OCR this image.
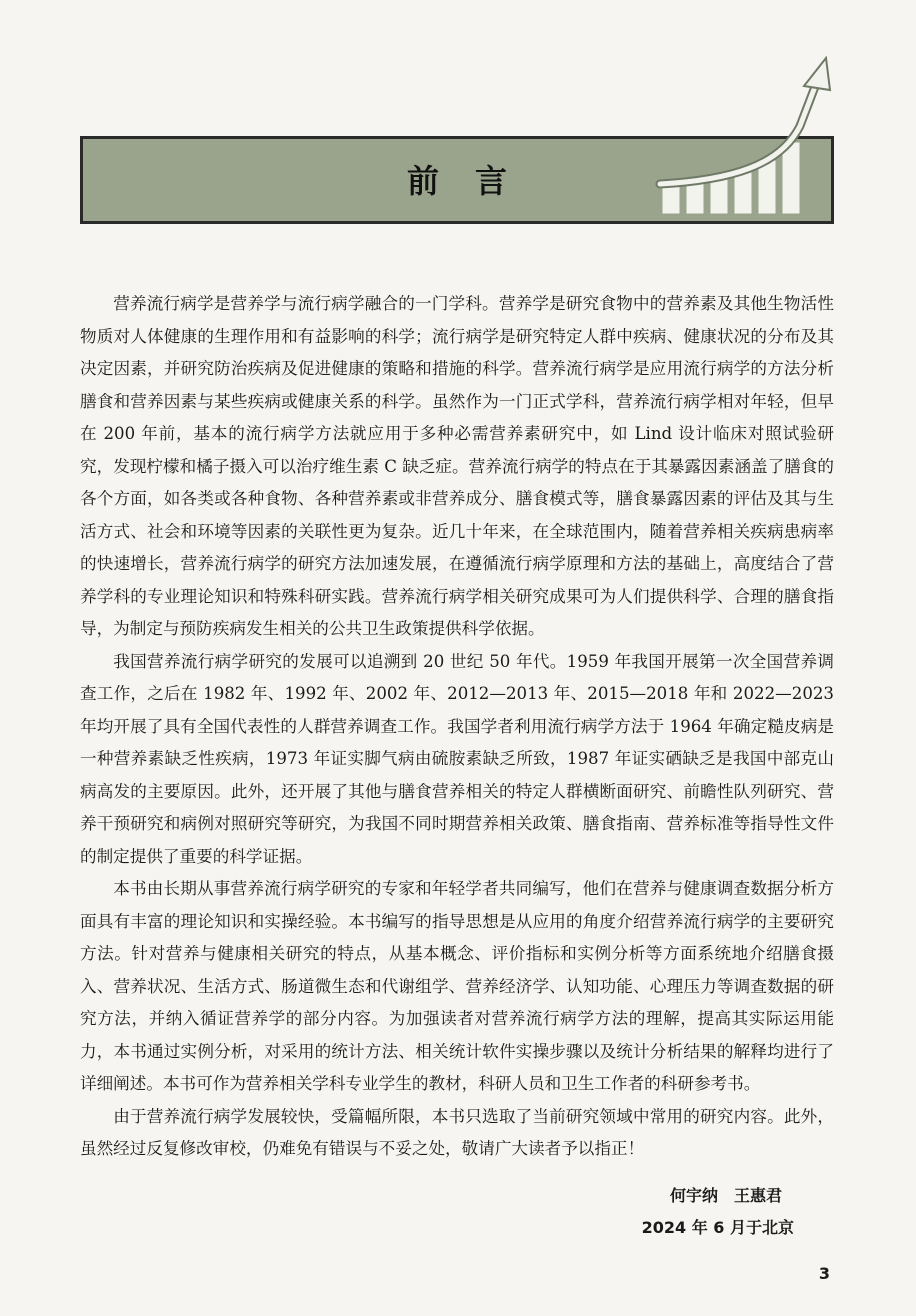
前言

营养流行病学是营养学与流行病学融合的一门学科。营养学是研究食物中的营养素及其他生物活性物质对人体健康的生理作用和有益影响的科学；流行病学是研究特定人群中疾病、健康状况的分布及其决定因素，并研究防治疾病及促进健康的策略和措施的科学。营养流行病学是应用流行病学的方法分析膳食和营养因素与某些疾病或健康关系的科学。虽然作为一门正式学科，营养流行病学相对年轻，但早在 200 年前，基本的流行病学方法就应用于多种必需营养素研究中，如 Lind 设计临床对照试验研究，发现柠檬和橘子摄入可以治疗维生素 C 缺乏症。营养流行病学的特点在于其暴露因素涵盖了膳食的各个方面，如各类或各种食物、各种营养素或非营养成分、膳食模式等，膳食暴露因素的评估及其与生活方式、社会和环境等因素的关联性更为复杂。近几十年来，在全球范围内，随着营养相关疾病患病率的快速增长，营养流行病学的研究方法加速发展，在遵循流行病学原理和方法的基础上，高度结合了营养学科的专业理论知识和特殊科研实践。营养流行病学相关研究成果可为人们提供科学、合理的膳食指导，为制定与预防疾病发生相关的公共卫生政策提供科学依据。

我国营养流行病学研究的发展可以追溯到 20 世纪 50 年代。1959 年我国开展第一次全国营养调查工作，之后在 1982 年、1992 年、2002 年、2012—2013 年、2015—2018 年和 2022—2023 年均开展了具有全国代表性的人群营养调查工作。我国学者利用流行病学方法于 1964 年确定糙皮病是一种营养素缺乏性疾病，1973 年证实脚气病由硫胺素缺乏所致，1987 年证实硒缺乏是我国中部克山病高发的主要原因。此外，还开展了其他与膳食营养相关的特定人群横断面研究、前瞻性队列研究、营养干预研究和病例对照研究等研究，为我国不同时期营养相关政策、膳食指南、营养标准等指导性文件的制定提供了重要的科学证据。

本书由长期从事营养流行病学研究的专家和年轻学者共同编写，他们在营养与健康调查数据分析方面具有丰富的理论知识和实操经验。本书编写的指导思想是从应用的角度介绍营养流行病学的主要研究方法。针对营养与健康相关研究的特点，从基本概念、评价指标和实例分析等方面系统地介绍膳食摄入、营养状况、生活方式、肠道微生态和代谢组学、营养经济学、认知功能、心理压力等调查数据的研究方法，并纳入循证营养学的部分内容。为加强读者对营养流行病学方法的理解，提高其实际运用能力，本书通过实例分析，对采用的统计方法、相关统计软件实操步骤以及统计分析结果的解释均进行了详细阐述。本书可作为营养相关学科专业学生的教材，科研人员和卫生工作者的科研参考书。

由于营养流行病学发展较快，受篇幅所限，本书只选取了当前研究领域中常用的研究内容。此外，虽然经过反复修改审校，仍难免有错误与不妥之处，敬请广大读者予以指正！

何宇纳　王惠君
2024 年 6 月于北京
3
